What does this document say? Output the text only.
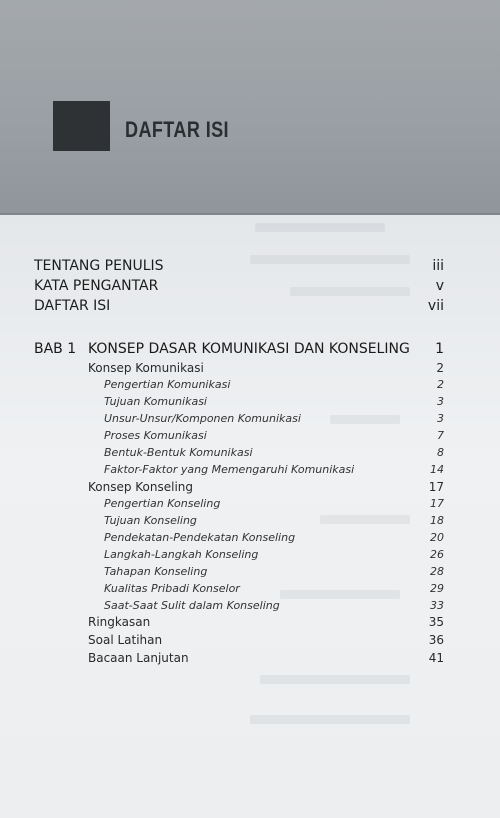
DAFTAR ISI
TENTANG PENULIS	iii
KATA PENGANTAR	v
DAFTAR ISI	vii
BAB 1 KONSEP DASAR KOMUNIKASI DAN KONSELING 1
Konsep Komunikasi	2
Pengertian Komunikasi	2
Tujuan Komunikasi	3
Unsur-Unsur/Komponen Komunikasi	3
Proses Komunikasi	7
Bentuk-Bentuk Komunikasi	8
Faktor-Faktor yang Memengaruhi Komunikasi	14
Konsep Konseling	17
Pengertian Konseling	17
Tujuan Konseling	18
Pendekatan-Pendekatan Konseling	20
Langkah-Langkah Konseling	26
Tahapan Konseling	28
Kualitas Pribadi Konselor	29
Saat-Saat Sulit dalam Konseling	33
Ringkasan	35
Soal Latihan	36
Bacaan Lanjutan	41
